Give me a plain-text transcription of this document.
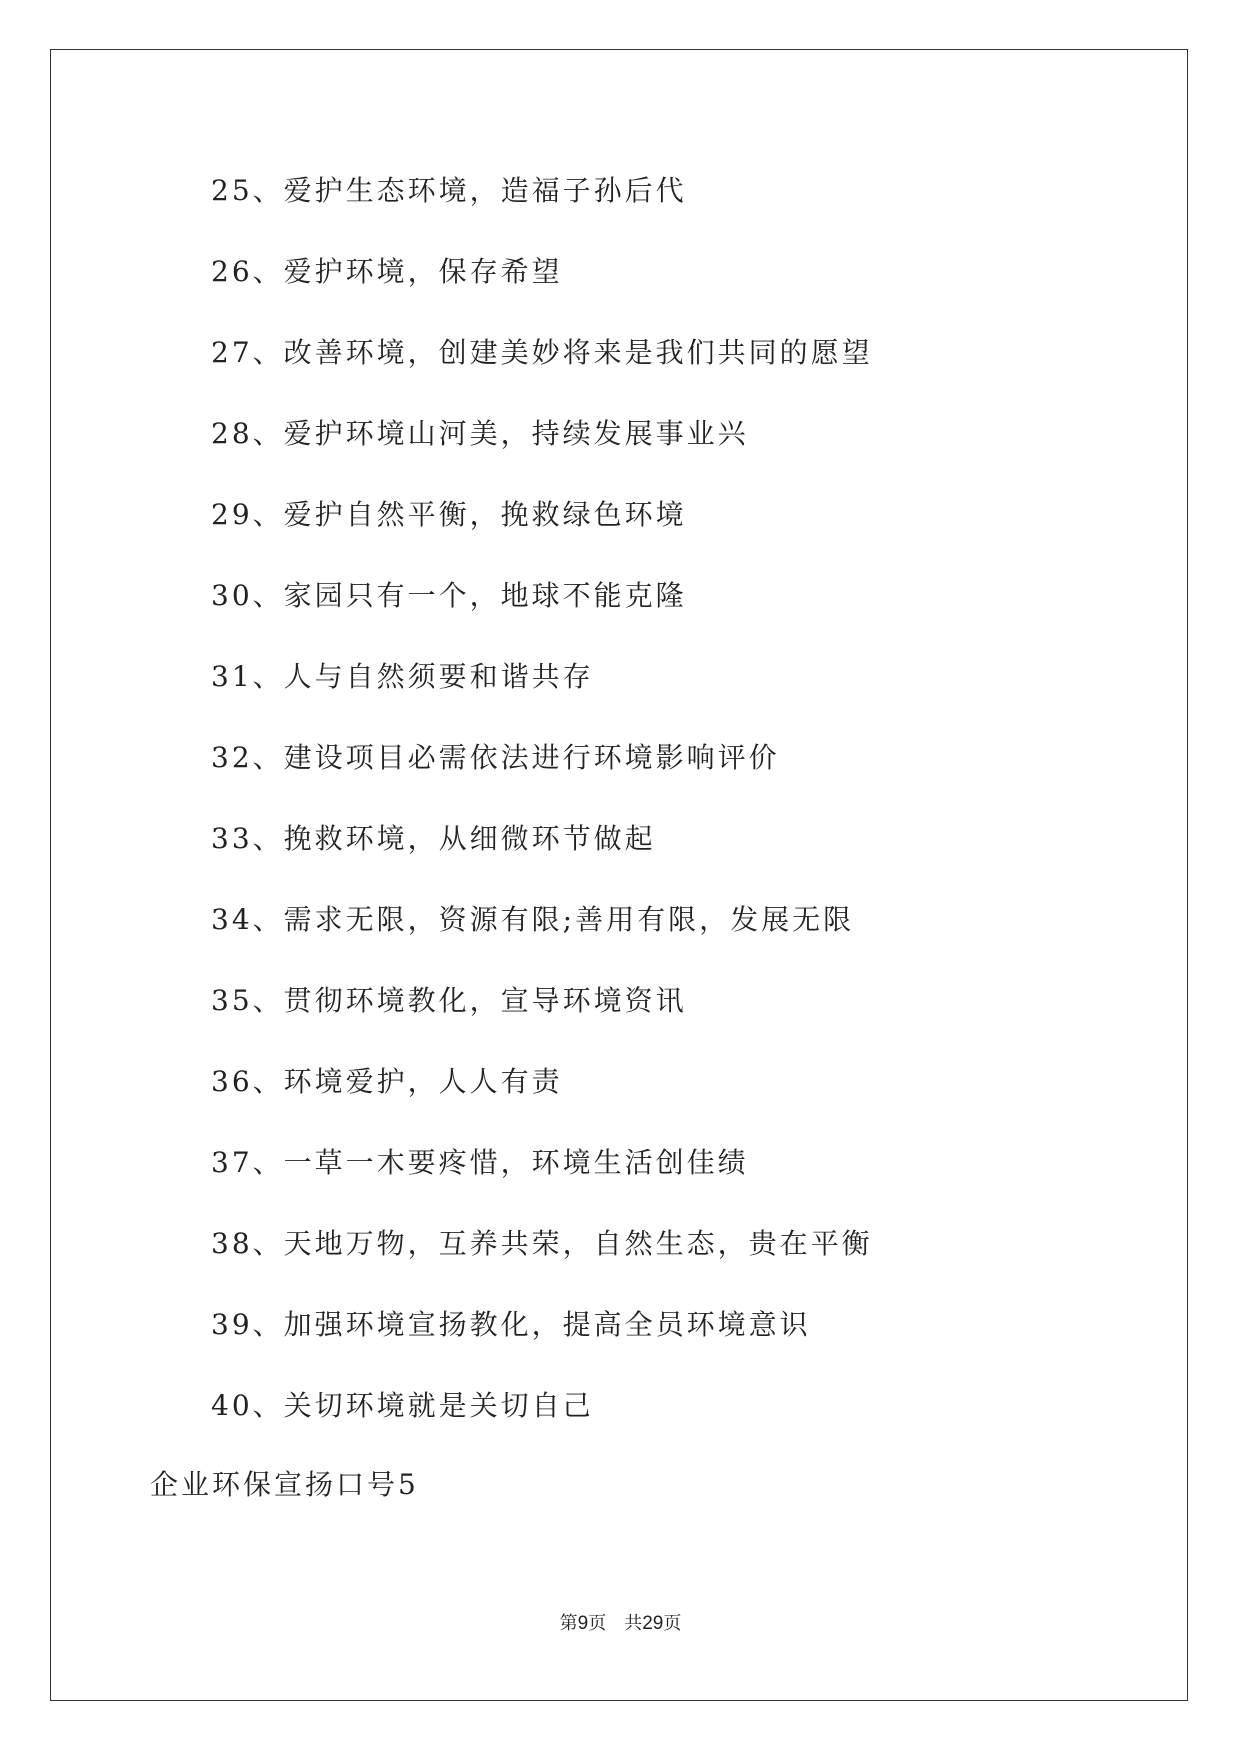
25、爱护生态环境，造福子孙后代
26、爱护环境，保存希望
27、改善环境，创建美妙将来是我们共同的愿望
28、爱护环境山河美，持续发展事业兴
29、爱护自然平衡，挽救绿色环境
30、家园只有一个，地球不能克隆
31、人与自然须要和谐共存
32、建设项目必需依法进行环境影响评价
33、挽救环境，从细微环节做起
34、需求无限，资源有限;善用有限，发展无限
35、贯彻环境教化，宣导环境资讯
36、环境爱护，人人有责
37、一草一木要疼惜，环境生活创佳绩
38、天地万物，互养共荣，自然生态，贵在平衡
39、加强环境宣扬教化，提高全员环境意识
40、关切环境就是关切自己
企业环保宣扬口号5
第9页 共29页
